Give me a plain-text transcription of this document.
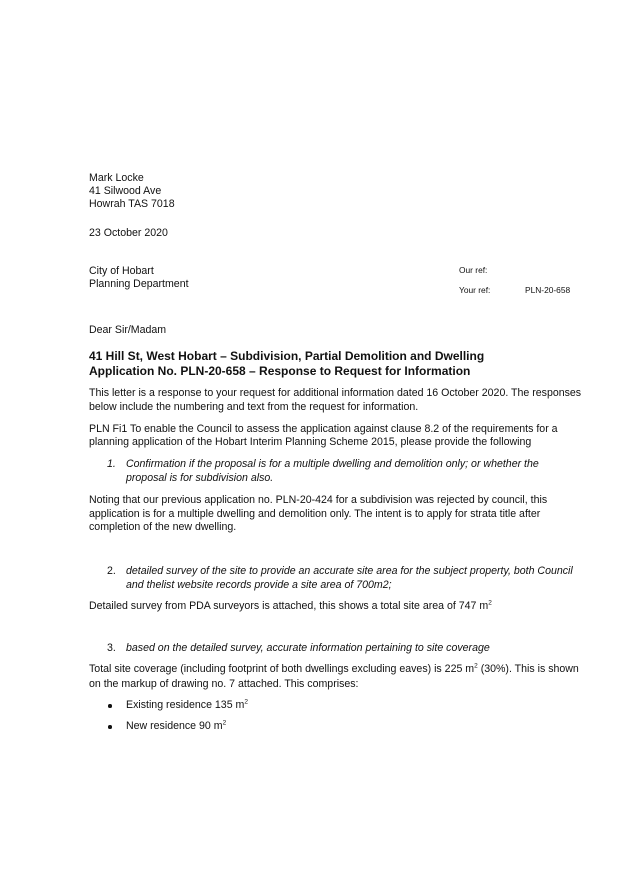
Mark Locke
41 Silwood Ave
Howrah TAS 7018
23 October 2020
City of Hobart
Planning Department
Our ref:
Your ref:	PLN-20-658
Dear Sir/Madam
41 Hill St, West Hobart – Subdivision, Partial Demolition and Dwelling
Application No. PLN-20-658 – Response to Request for Information
This letter is a response to your request for additional information dated 16 October 2020. The responses
below include the numbering and text from the request for information.
PLN Fi1 To enable the Council to assess the application against clause 8.2 of the requirements for a
planning application of the Hobart Interim Planning Scheme 2015, please provide the following
1. Confirmation if the proposal is for a multiple dwelling and demolition only; or whether the
proposal is for subdivision also.
Noting that our previous application no. PLN-20-424 for a subdivision was rejected by council, this
application is for a multiple dwelling and demolition only. The intent is to apply for strata title after
completion of the new dwelling.
2. detailed survey of the site to provide an accurate site area for the subject property, both Council
and thelist website records provide a site area of 700m2;
Detailed survey from PDA surveyors is attached, this shows a total site area of 747 $m^2$
3. based on the detailed survey, accurate information pertaining to site coverage
Total site coverage (including footprint of both dwellings excluding eaves) is 225 $m^2$ (30%). This is shown
on the markup of drawing no. 7 attached. This comprises:
Existing residence 135 $m^2$
New residence 90 $m^2$
